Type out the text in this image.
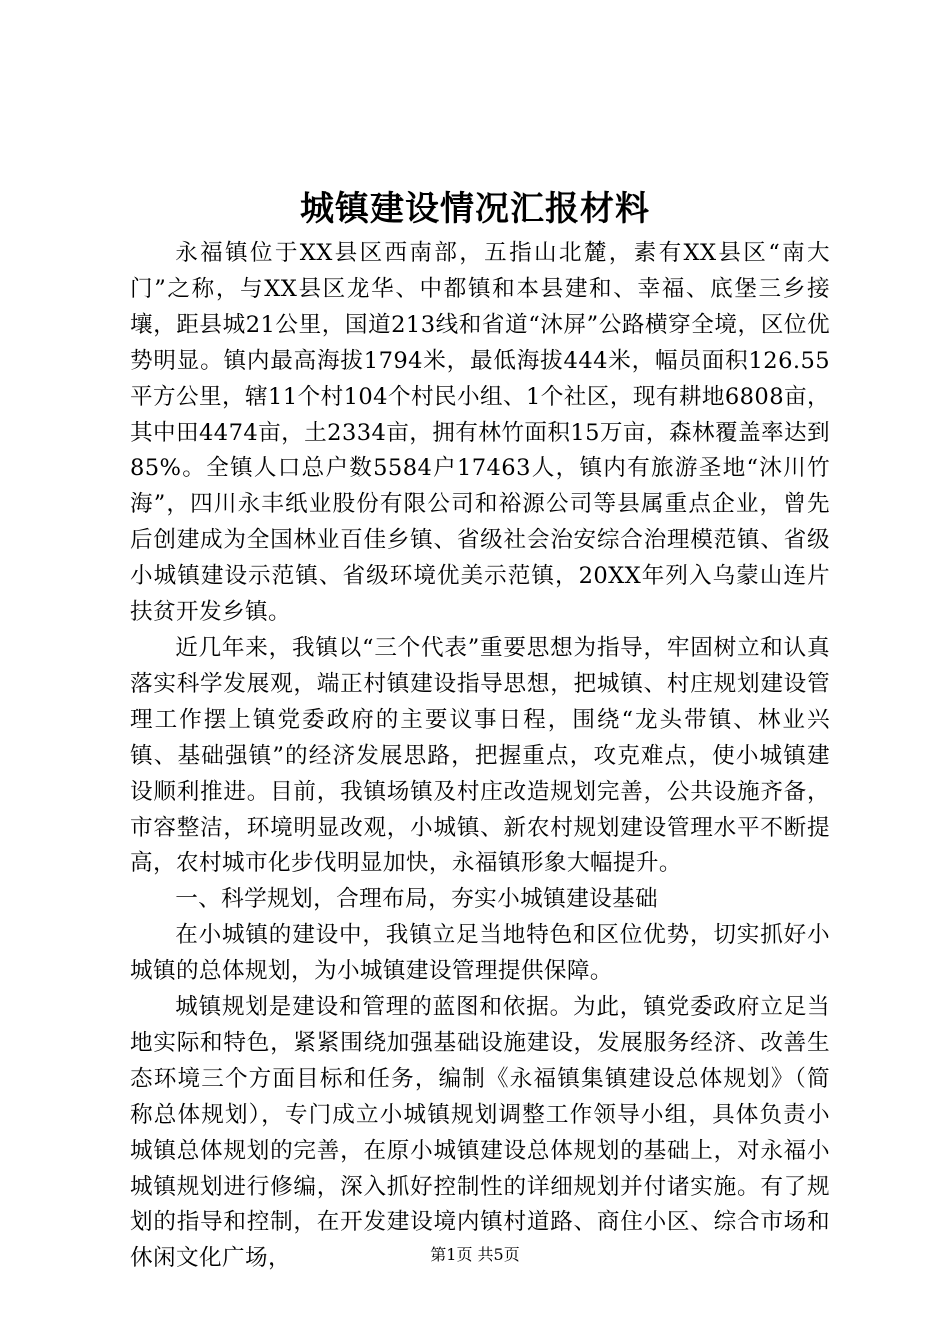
城镇建设情况汇报材料

永福镇位于XX县区西南部，五指山北麓，素有XX县区“南大门”之称，与XX县区龙华、中都镇和本县建和、幸福、底堡三乡接壤，距县城21公里，国道213线和省道“沐屏”公路横穿全境，区位优势明显。镇内最高海拔1794米，最低海拔444米，幅员面积126.55平方公里，辖11个村104个村民小组、1个社区，现有耕地6808亩，其中田4474亩，土2334亩，拥有林竹面积15万亩，森林覆盖率达到85%。全镇人口总户数5584户17463人，镇内有旅游圣地“沐川竹海”，四川永丰纸业股份有限公司和裕源公司等县属重点企业，曾先后创建成为全国林业百佳乡镇、省级社会治安综合治理模范镇、省级小城镇建设示范镇、省级环境优美示范镇，20XX年列入乌蒙山连片扶贫开发乡镇。

近几年来，我镇以“三个代表”重要思想为指导，牢固树立和认真落实科学发展观，端正村镇建设指导思想，把城镇、村庄规划建设管理工作摆上镇党委政府的主要议事日程，围绕“龙头带镇、林业兴镇、基础强镇”的经济发展思路，把握重点，攻克难点，使小城镇建设顺利推进。目前，我镇场镇及村庄改造规划完善，公共设施齐备，市容整洁，环境明显改观，小城镇、新农村规划建设管理水平不断提高，农村城市化步伐明显加快，永福镇形象大幅提升。

一、科学规划，合理布局，夯实小城镇建设基础

在小城镇的建设中，我镇立足当地特色和区位优势，切实抓好小城镇的总体规划，为小城镇建设管理提供保障。

城镇规划是建设和管理的蓝图和依据。为此，镇党委政府立足当地实际和特色，紧紧围绕加强基础设施建设，发展服务经济、改善生态环境三个方面目标和任务，编制《永福镇集镇建设总体规划》（简称总体规划），专门成立小城镇规划调整工作领导小组，具体负责小城镇总体规划的完善，在原小城镇建设总体规划的基础上，对永福小城镇规划进行修编，深入抓好控制性的详细规划并付诸实施。有了规划的指导和控制，在开发建设境内镇村道路、商住小区、综合市场和休闲文化广场，	第1页 共5页
